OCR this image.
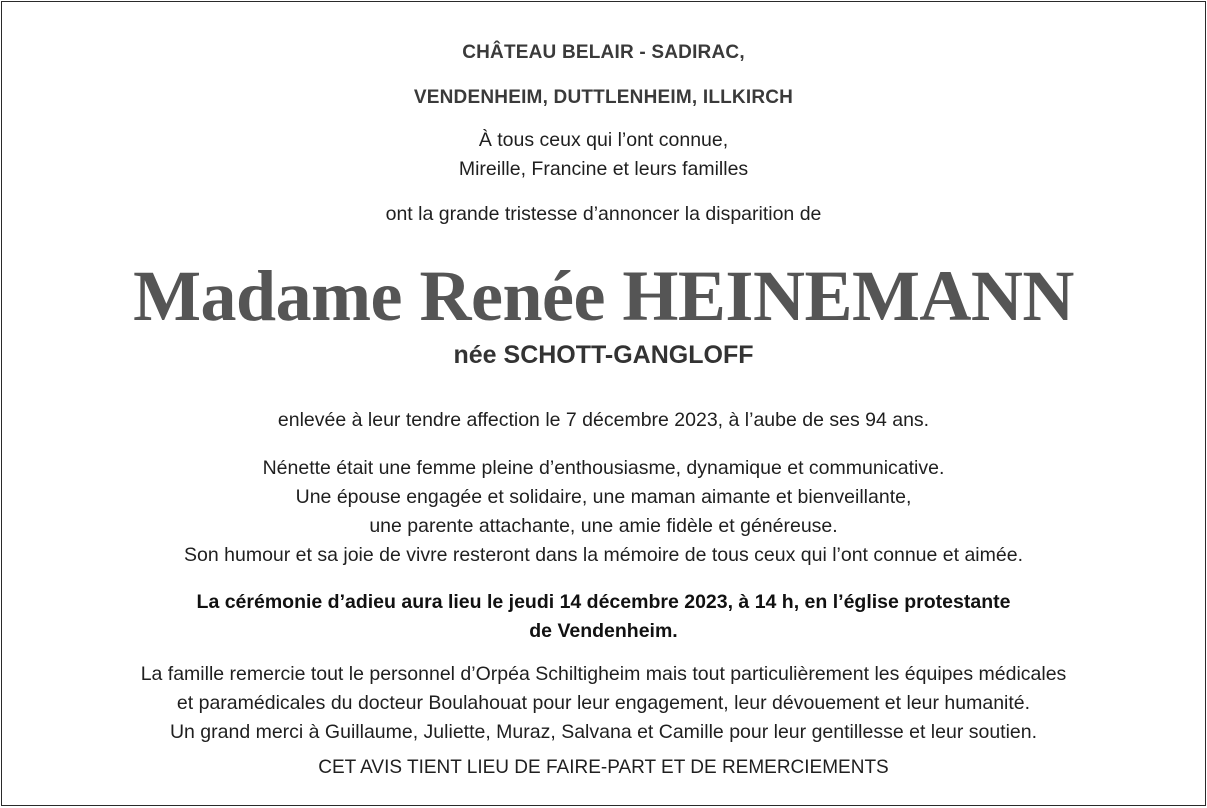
CHÂTEAU BELAIR - SADIRAC,
VENDENHEIM, DUTTLENHEIM, ILLKIRCH
À tous ceux qui l’ont connue,
Mireille, Francine et leurs familles
ont la grande tristesse d’annoncer la disparition de
Madame Renée HEINEMANN
née SCHOTT-GANGLOFF
enlevée à leur tendre affection le 7 décembre 2023, à l’aube de ses 94 ans.
Nénette était une femme pleine d’enthousiasme, dynamique et communicative.
Une épouse engagée et solidaire, une maman aimante et bienveillante,
une parente attachante, une amie fidèle et généreuse.
Son humour et sa joie de vivre resteront dans la mémoire de tous ceux qui l’ont connue et aimée.
La cérémonie d’adieu aura lieu le jeudi 14 décembre 2023, à 14 h, en l’église protestante
de Vendenheim.
La famille remercie tout le personnel d’Orpéa Schiltigheim mais tout particulièrement les équipes médicales
et paramédicales du docteur Boulahouat pour leur engagement, leur dévouement et leur humanité.
Un grand merci à Guillaume, Juliette, Muraz, Salvana et Camille pour leur gentillesse et leur soutien.
CET AVIS TIENT LIEU DE FAIRE-PART ET DE REMERCIEMENTS
